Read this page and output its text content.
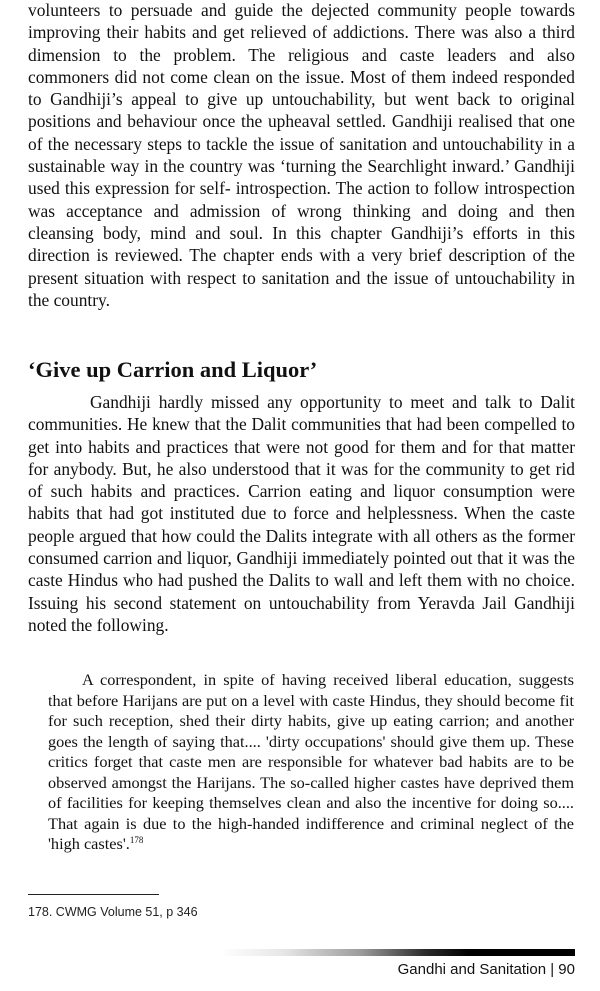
volunteers to persuade and guide the dejected community people towards improving their habits and get relieved of addictions. There was also a third dimension to the problem. The religious and caste leaders and also commoners did not come clean on the issue. Most of them indeed responded to Gandhiji’s appeal to give up untouchability, but went back to original positions and behaviour once the upheaval settled. Gandhiji realised that one of the necessary steps to tackle the issue of sanitation and untouchability in a sustainable way in the country was ‘turning the Searchlight inward.’ Gandhiji used this expression for self- introspection. The action to follow introspection was acceptance and admission of wrong thinking and doing and then cleansing body, mind and soul. In this chapter Gandhiji’s efforts in this direction is reviewed. The chapter ends with a very brief description of the present situation with respect to sanitation and the issue of untouchability in the country.

‘Give up Carrion and Liquor’

Gandhiji hardly missed any opportunity to meet and talk to Dalit communities. He knew that the Dalit communities that had been compelled to get into habits and practices that were not good for them and for that matter for anybody. But, he also understood that it was for the community to get rid of such habits and practices. Carrion eating and liquor consumption were habits that had got instituted due to force and helplessness. When the caste people argued that how could the Dalits integrate with all others as the former consumed carrion and liquor, Gandhiji immediately pointed out that it was the caste Hindus who had pushed the Dalits to wall and left them with no choice. Issuing his second statement on untouchability from Yeravda Jail Gandhiji noted the following.

A correspondent, in spite of having received liberal education, suggests that before Harijans are put on a level with caste Hindus, they should become fit for such reception, shed their dirty habits, give up eating carrion; and another goes the length of saying that.... 'dirty occupations' should give them up. These critics forget that caste men are responsible for whatever bad habits are to be observed amongst the Harijans. The so-called higher castes have deprived them of facilities for keeping themselves clean and also the incentive for doing so.... That again is due to the high-handed indifference and criminal neglect of the 'high castes'.$^{178}$

178. CWMG Volume 51, p 346

Gandhi and Sanitation | 90
